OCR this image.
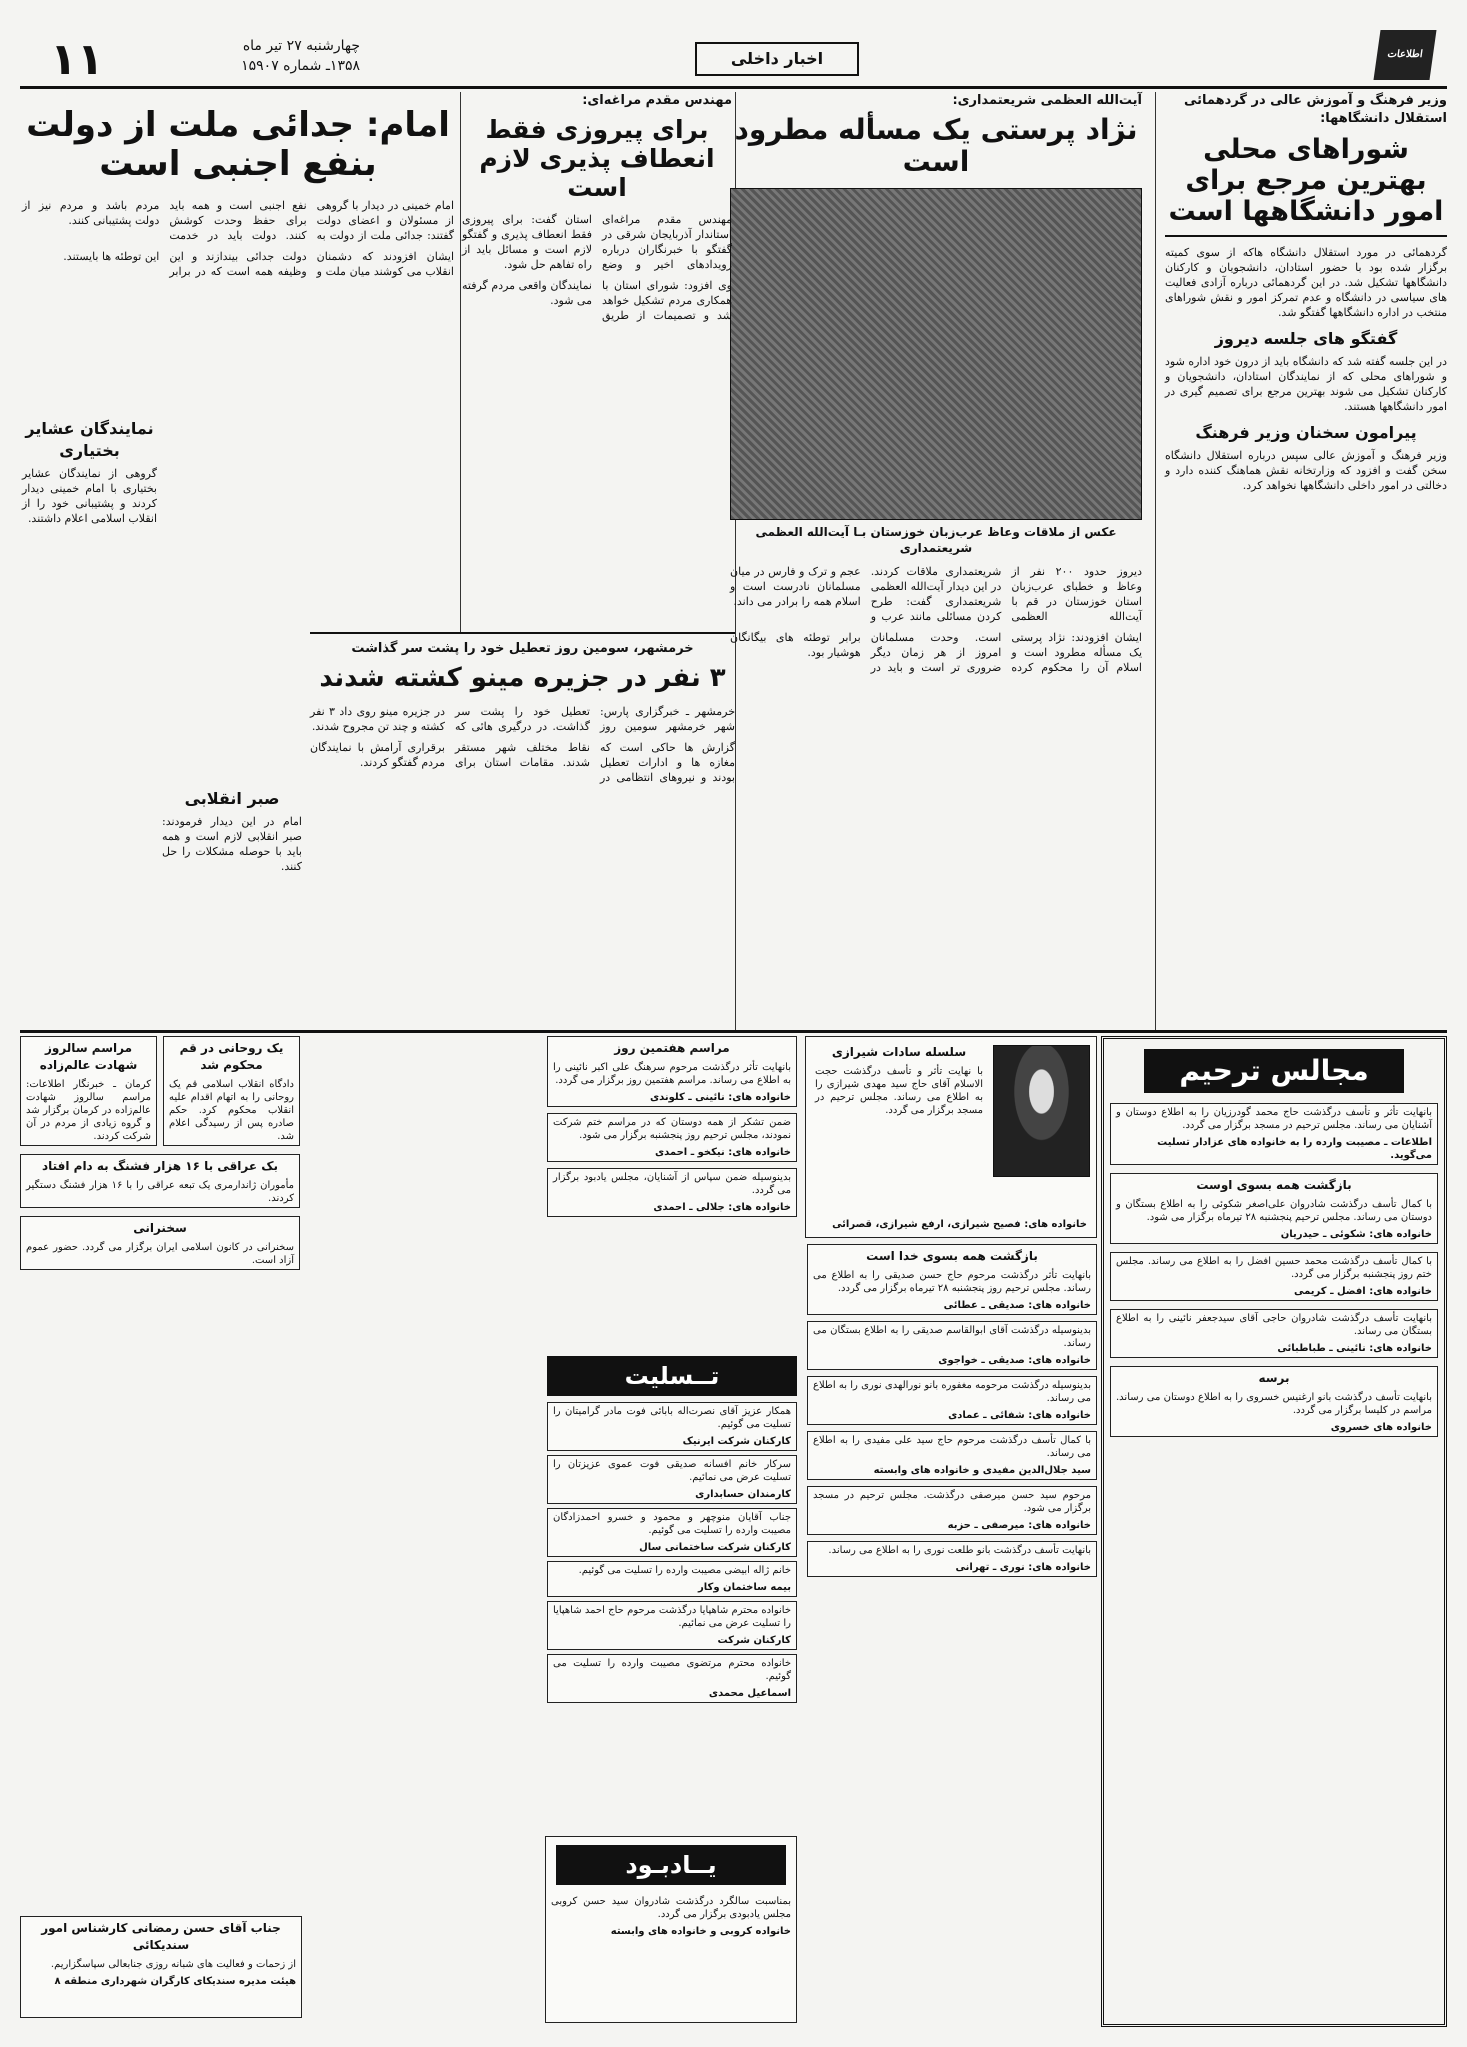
اطلاعات
اخبار داخلی
چهارشنبه ۲۷ تیر ماه
۱۳۵۸ـ شماره ۱۵۹۰۷
۱۱
وزیر فرهنگ و آموزش عالی در گردهمائی استقلال دانشگاهها:
شوراهای محلی بهترین مرجع برای امور دانشگاهها است
گردهمائی در مورد استقلال دانشگاه هاکه از سوی کمیته برگزار شده بود با حضور استادان، دانشجویان و کارکنان دانشگاهها تشکیل شد. در این گردهمائی درباره آزادی فعالیت های سیاسی در دانشگاه و عدم تمرکز امور و نقش شوراهای منتخب در اداره دانشگاهها گفتگو شد.
گفتگو های جلسه دیروز
در این جلسه گفته شد که دانشگاه باید از درون خود اداره شود و شوراهای محلی که از نمایندگان استادان، دانشجویان و کارکنان تشکیل می شوند بهترین مرجع برای تصمیم گیری در امور دانشگاهها هستند.
پیرامون سخنان وزیر فرهنگ
وزیر فرهنگ و آموزش عالی سپس درباره استقلال دانشگاه سخن گفت و افزود که وزارتخانه نقش هماهنگ کننده دارد و دخالتی در امور داخلی دانشگاهها نخواهد کرد.
آیت‌الله العظمی شریعتمداری:
نژاد پرستی یک مسأله مطرود است
عکس از ملاقات وعاظ عرب‌زبان خوزستان بـا آیت‌الله العظمی شریعتمداری
دیروز حدود ۲۰۰ نفر از وعاظ و خطبای عرب‌زبان استان خوزستان در قم با آیت‌الله العظمی شریعتمداری ملاقات کردند. در این دیدار آیت‌الله العظمی شریعتمداری گفت: طرح کردن مسائلی مانند عرب و عجم و ترک و فارس در میان مسلمانان نادرست است و اسلام همه را برادر می داند.
ایشان افزودند: نژاد پرستی یک مسأله مطرود است و اسلام آن را محکوم کرده است. وحدت مسلمانان امروز از هر زمان دیگر ضروری تر است و باید در برابر توطئه های بیگانگان هوشیار بود.
مهندس مقدم مراغه‌ای:
برای پیروزی فقط انعطاف پذیری لازم است
مهندس مقدم مراغه‌ای استاندار آذربایجان شرقی در گفتگو با خبرنگاران درباره رویدادهای اخیر و وضع استان گفت: برای پیروزی فقط انعطاف پذیری و گفتگو لازم است و مسائل باید از راه تفاهم حل شود.
وی افزود: شورای استان با همکاری مردم تشکیل خواهد شد و تصمیمات از طریق نمایندگان واقعی مردم گرفته می شود.
امام: جدائی ملت از دولت بنفع اجنبی است
امام خمینی در دیدار با گروهی از مسئولان و اعضای دولت گفتند: جدائی ملت از دولت به نفع اجنبی است و همه باید برای حفظ وحدت کوشش کنند. دولت باید در خدمت مردم باشد و مردم نیز از دولت پشتیبانی کنند.
ایشان افزودند که دشمنان انقلاب می کوشند میان ملت و دولت جدائی بیندازند و این وظیفه همه است که در برابر این توطئه ها بایستند.
نمایندگان عشایر بختیاری
گروهی از نمایندگان عشایر بختیاری با امام خمینی دیدار کردند و پشتیبانی خود را از انقلاب اسلامی اعلام داشتند.
صبر انقلابی
امام در این دیدار فرمودند: صبر انقلابی لازم است و همه باید با حوصله مشکلات را حل کنند.
خرمشهر، سومین روز تعطیل خود را پشت سر گذاشت
۳ نفر در جزیره مینو کشته شدند
خرمشهر ـ خبرگزاری پارس: شهر خرمشهر سومین روز تعطیل خود را پشت سر گذاشت. در درگیری هائی که در جزیره مینو روی داد ۳ نفر کشته و چند تن مجروح شدند.
گزارش ها حاکی است که مغازه ها و ادارات تعطیل بودند و نیروهای انتظامی در نقاط مختلف شهر مستقر شدند. مقامات استان برای برقراری آرامش با نمایندگان مردم گفتگو کردند.
مجالس ترحیم
بانهایت تأثر و تأسف درگذشت حاج محمد گودرزیان را به اطلاع دوستان و آشنایان می رساند. مجلس ترحیم در مسجد برگزار می گردد.
اطلاعات ـ مصیبت وارده را به خانواده های عزادار تسلیت می‌گوید.
بازگشت همه بسوی اوست
با کمال تأسف درگذشت شادروان علی‌اصغر شکوئی را به اطلاع بستگان و دوستان می رساند. مجلس ترحیم پنجشنبه ۲۸ تیرماه برگزار می شود.
خانواده های: شکوئی ـ حیدریان
با کمال تأسف درگذشت محمد حسین افضل را به اطلاع می رساند. مجلس ختم روز پنجشنبه برگزار می گردد.
خانواده های: افضل ـ کریمی
بانهایت تأسف درگذشت شادروان حاجی آقای سیدجعفر نائینی را به اطلاع بستگان می رساند.
خانواده های: نائینی ـ طباطبائی
برسه
بانهایت تأسف درگذشت بانو ارغنیس خسروی را به اطلاع دوستان می رساند. مراسم در کلیسا برگزار می گردد.
خانواده های خسروی
سلسله سادات شیرازی
با نهایت تأثر و تأسف درگذشت حجت الاسلام آقای حاج سید مهدی شیرازی را به اطلاع می رساند. مجلس ترحیم در مسجد برگزار می گردد.
خانواده های: فصیح شیرازی، ارفع شیرازی، قصرائی
بازگشت همه بسوی خدا است
بانهایت تأثر درگذشت مرحوم حاج حسن صدیقی را به اطلاع می رساند. مجلس ترحیم روز پنجشنبه ۲۸ تیرماه برگزار می گردد.
خانواده های: صدیقی ـ عطائی
بدینوسیله درگذشت آقای ابوالقاسم صدیقی را به اطلاع بستگان می رساند.
خانواده های: صدیقی ـ خواجوی
بدینوسیله درگذشت مرحومه مغفوره بانو نورالهدی نوری را به اطلاع می رساند.
خانواده های: شفائی ـ عمادی
با کمال تأسف درگذشت مرحوم حاج سید علی مفیدی را به اطلاع می رساند.
سید جلال‌الدین مفیدی و خانواده های وابسته
مرحوم سید حسن میرصفی درگذشت. مجلس ترحیم در مسجد برگزار می شود.
خانواده های: میرصفی ـ حزبه
بانهایت تأسف درگذشت بانو طلعت نوری را به اطلاع می رساند.
خانواده های: نوری ـ تهرانی
یــادبـود
بمناسبت سالگرد درگذشت شادروان سید حسن کروبی مجلس یادبودی برگزار می گردد.
خانواده کروبی و خانواده های وابسته
مراسم هفتمین روز
بانهایت تأثر درگذشت مرحوم سرهنگ علی اکبر نائینی را به اطلاع می رساند. مراسم هفتمین روز برگزار می گردد.
خانواده های: نائینی ـ کلوندی
ضمن تشکر از همه دوستان که در مراسم ختم شرکت نمودند، مجلس ترحیم روز پنجشنبه برگزار می شود.
خانواده های: نیکخو ـ احمدی
بدینوسیله ضمن سپاس از آشنایان، مجلس یادبود برگزار می گردد.
خانواده های: جلالی ـ احمدی
تــسلیت
همکار عزیز آقای نصرت‌اله بابائی فوت مادر گرامیتان را تسلیت می گوئیم.
کارکنان شرکت ایرنیک
سرکار خانم افسانه صدیقی فوت عموی عزیزتان را تسلیت عرض می نمائیم.
کارمندان حسابداری
جناب آقایان منوچهر و محمود و خسرو احمدزادگان مصیبت وارده را تسلیت می گوئیم.
کارکنان شرکت ساختمانی سال
خانم ژاله ابیضی مصیبت وارده را تسلیت می گوئیم.
بیمه ساختمان وکار
خانواده محترم شاهپایا درگذشت مرحوم حاج احمد شاهپایا را تسلیت عرض می نمائیم.
کارکنان شرکت
خانواده محترم مرتضوی مصیبت وارده را تسلیت می گوئیم.
اسماعیل محمدی
یک روحانی در قم محکوم شد
دادگاه انقلاب اسلامی قم یک روحانی را به اتهام اقدام علیه انقلاب محکوم کرد. حکم صادره پس از رسیدگی اعلام شد.
مراسم سالروز شهادت عالم‌زاده
کرمان ـ خبرنگار اطلاعات: مراسم سالروز شهادت عالم‌زاده در کرمان برگزار شد و گروه زیادی از مردم در آن شرکت کردند.
بک عراقی با ۱۶ هزار فشنگ به دام افتاد
مأموران ژاندارمری یک تبعه عراقی را با ۱۶ هزار فشنگ دستگیر کردند.
سخنرانی
سخنرانی در کانون اسلامی ایران برگزار می گردد. حضور عموم آزاد است.
جناب آقای حسن رمضانی کارشناس امور سندیکائی
از زحمات و فعالیت های شبانه روزی جنابعالی سپاسگزاریم.
هیئت مدیره سندیکای کارگران شهرداری منطقه ۸
